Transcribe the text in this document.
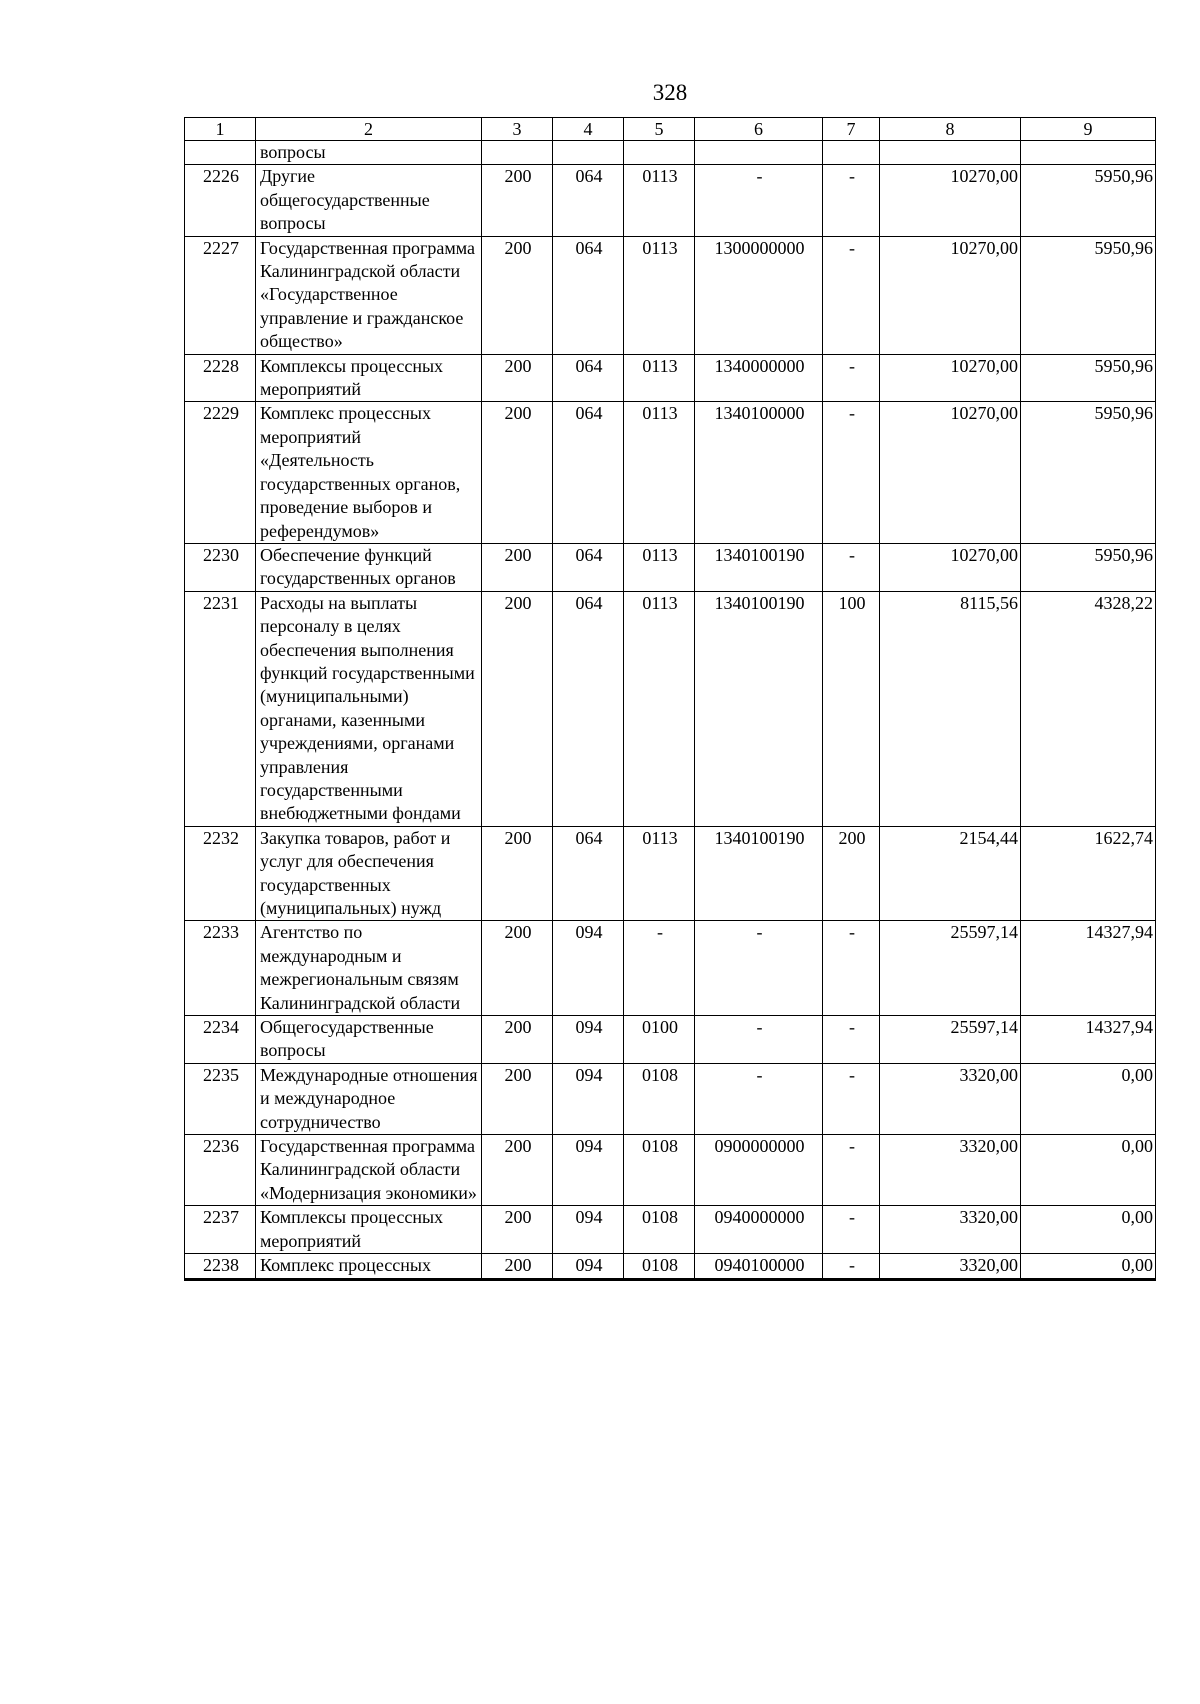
328
1	2	3	4	5	6	7	8	9
	вопросы							
2226	Другие общегосударственные вопросы	200	064	0113	-	-	10270,00	5950,96
2227	Государственная программа Калининградской области «Государственное управление и гражданское общество»	200	064	0113	1300000000	-	10270,00	5950,96
2228	Комплексы процессных мероприятий	200	064	0113	1340000000	-	10270,00	5950,96
2229	Комплекс процессных мероприятий «Деятельность государственных органов, проведение выборов и референдумов»	200	064	0113	1340100000	-	10270,00	5950,96
2230	Обеспечение функций государственных органов	200	064	0113	1340100190	-	10270,00	5950,96
2231	Расходы на выплаты персоналу в целях обеспечения выполнения функций государственными (муниципальными) органами, казенными учреждениями, органами управления государственными внебюджетными фондами	200	064	0113	1340100190	100	8115,56	4328,22
2232	Закупка товаров, работ и услуг для обеспечения государственных (муниципальных) нужд	200	064	0113	1340100190	200	2154,44	1622,74
2233	Агентство по международным и межрегиональным связям Калининградской области	200	094	-	-	-	25597,14	14327,94
2234	Общегосударственные вопросы	200	094	0100	-	-	25597,14	14327,94
2235	Международные отношения и международное сотрудничество	200	094	0108	-	-	3320,00	0,00
2236	Государственная программа Калининградской области «Модернизация экономики»	200	094	0108	0900000000	-	3320,00	0,00
2237	Комплексы процессных мероприятий	200	094	0108	0940000000	-	3320,00	0,00
2238	Комплекс процессных	200	094	0108	0940100000	-	3320,00	0,00
